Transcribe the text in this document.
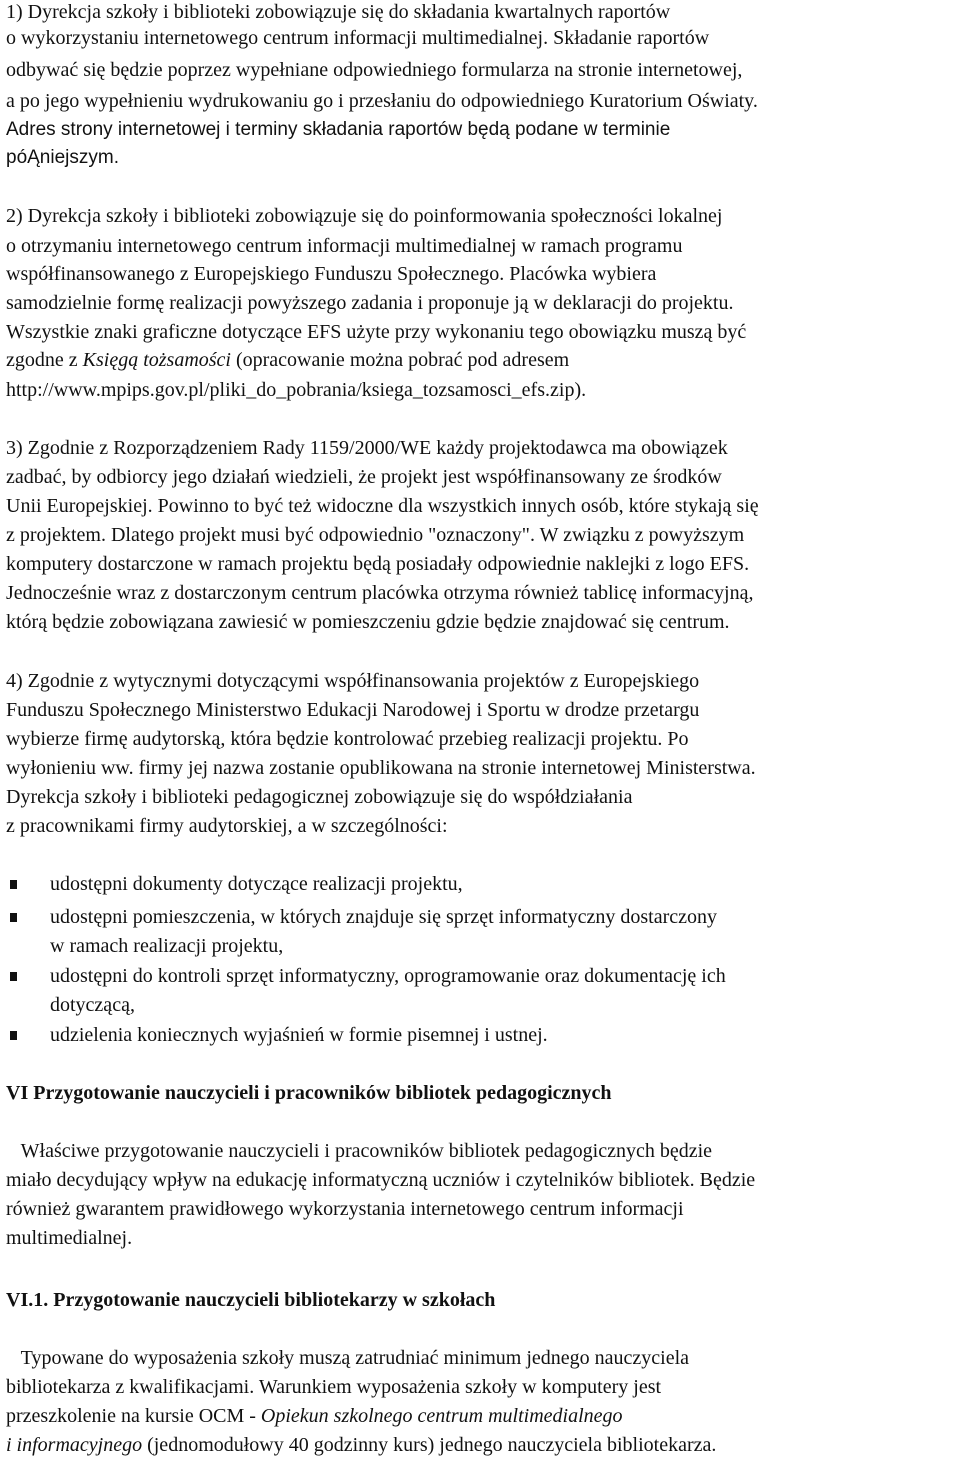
1) Dyrekcja szkoły i biblioteki zobowiązuje się do składania kwartalnych raportów

o wykorzystaniu internetowego centrum informacji multimedialnej. Składanie raportów

odbywać się będzie poprzez wypełniane odpowiedniego formularza na stronie internetowej,

a po jego wypełnieniu wydrukowaniu go i przesłaniu do odpowiedniego Kuratorium Oświaty.

Adres strony internetowej i terminy składania raportów będą podane w terminie

póĄniejszym.

2) Dyrekcja szkoły i biblioteki zobowiązuje się do poinformowania społeczności lokalnej

o otrzymaniu internetowego centrum informacji multimedialnej w ramach programu

współfinansowanego z Europejskiego Funduszu Społecznego. Placówka wybiera

samodzielnie formę realizacji powyższego zadania i proponuje ją w deklaracji do projektu.

Wszystkie znaki graficzne dotyczące EFS użyte przy wykonaniu tego obowiązku muszą być

zgodne z Księgą tożsamości (opracowanie można pobrać pod adresem

http://www.mpips.gov.pl/pliki_do_pobrania/ksiega_tozsamosci_efs.zip).

3) Zgodnie z Rozporządzeniem Rady 1159/2000/WE każdy projektodawca ma obowiązek

zadbać, by odbiorcy jego działań wiedzieli, że projekt jest współfinansowany ze środków

Unii Europejskiej. Powinno to być też widoczne dla wszystkich innych osób, które stykają się

z projektem. Dlatego projekt musi być odpowiednio "oznaczony". W związku z powyższym

komputery dostarczone w ramach projektu będą posiadały odpowiednie naklejki z logo EFS.

Jednocześnie wraz z dostarczonym centrum placówka otrzyma również tablicę informacyjną,

którą będzie zobowiązana zawiesić w pomieszczeniu gdzie będzie znajdować się centrum.

4) Zgodnie z wytycznymi dotyczącymi współfinansowania projektów z Europejskiego

Funduszu Społecznego Ministerstwo Edukacji Narodowej i Sportu w drodze przetargu

wybierze firmę audytorską, która będzie kontrolować przebieg realizacji projektu. Po

wyłonieniu ww. firmy jej nazwa zostanie opublikowana na stronie internetowej Ministerstwa.

Dyrekcja szkoły i biblioteki pedagogicznej zobowiązuje się do współdziałania

z pracownikami firmy audytorskiej, a w szczególności:

udostępni dokumenty dotyczące realizacji projektu,

udostępni pomieszczenia, w których znajduje się sprzęt informatyczny dostarczony

w ramach realizacji projektu,

udostępni do kontroli sprzęt informatyczny, oprogramowanie oraz dokumentację ich

dotyczącą,

udzielenia koniecznych wyjaśnień w formie pisemnej i ustnej.

VI Przygotowanie nauczycieli i pracowników bibliotek pedagogicznych

Właściwe przygotowanie nauczycieli i pracowników bibliotek pedagogicznych będzie

miało decydujący wpływ na edukację informatyczną uczniów i czytelników bibliotek. Będzie

również gwarantem prawidłowego wykorzystania internetowego centrum informacji

multimedialnej.

VI.1. Przygotowanie nauczycieli bibliotekarzy w szkołach

Typowane do wyposażenia szkoły muszą zatrudniać minimum jednego nauczyciela

bibliotekarza z kwalifikacjami. Warunkiem wyposażenia szkoły w komputery jest

przeszkolenie na kursie OCM - Opiekun szkolnego centrum multimedialnego

i informacyjnego (jednomodułowy 40 godzinny kurs) jednego nauczyciela bibliotekarza.
